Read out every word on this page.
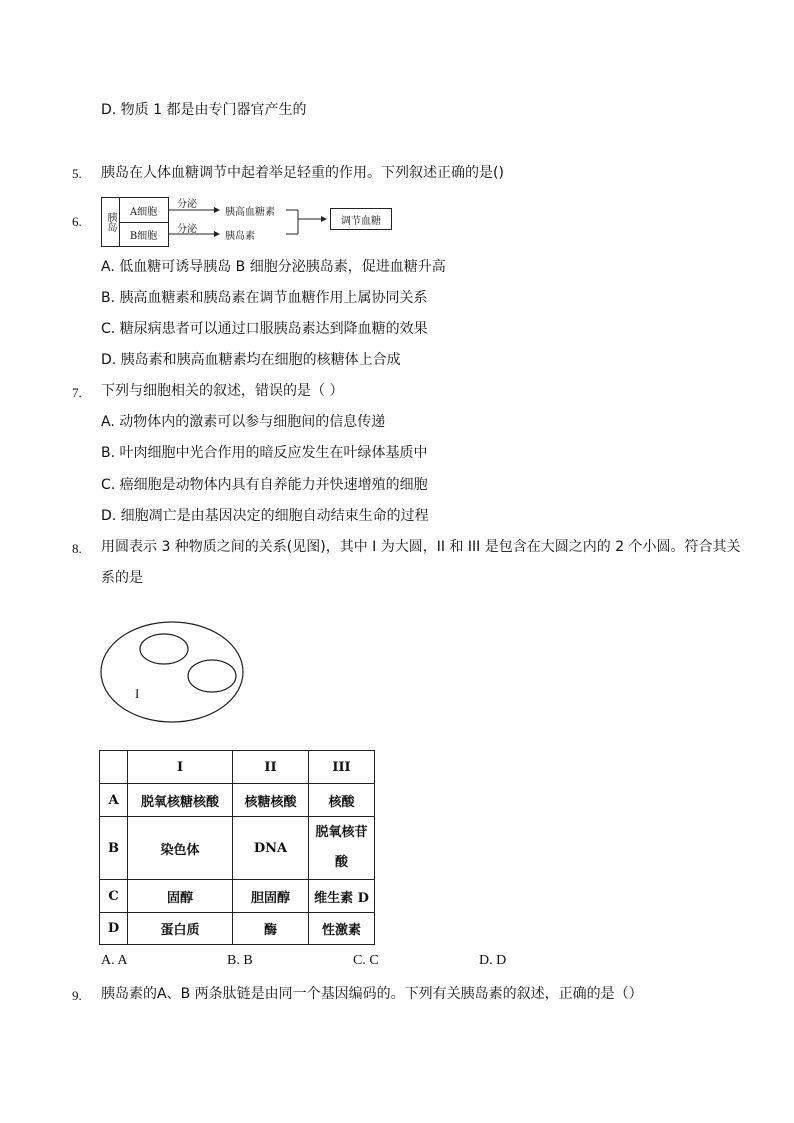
D. 物质 1 都是由专门器官产生的
5. 胰岛在人体血糖调节中起着举足轻重的作用。下列叙述正确的是()
6.	胰岛	A细胞
B细胞
分泌
分泌
胰高血糖素
胰岛素
调节血糖
A. 低血糖可诱导胰岛 B 细胞分泌胰岛素，促进血糖升高
B. 胰高血糖素和胰岛素在调节血糖作用上属协同关系
C. 糖尿病患者可以通过口服胰岛素达到降血糖的效果
D. 胰岛素和胰高血糖素均在细胞的核糖体上合成
7. 下列与细胞相关的叙述，错误的是（ ）
A. 动物体内的激素可以参与细胞间的信息传递
B. 叶肉细胞中光合作用的暗反应发生在叶绿体基质中
C. 癌细胞是动物体内具有自养能力并快速增殖的细胞
D. 细胞凋亡是由基因决定的细胞自动结束生命的过程
8. 用圆表示 3 种物质之间的关系(见图)，其中 I 为大圆，II 和 III 是包含在大圆之内的 2 个小圆。符合其关
系的是
I
	I	II	III
A	脱氧核糖核酸	核糖核酸	核酸
B	染色体	DNA	脱氧核苷
酸

C	固醇	胆固醇	维生素 D
D	蛋白质	酶	性激素
A. A	B. B	C. C	D. D
9. 胰岛素的A、B 两条肽链是由同一个基因编码的。下列有关胰岛素的叙述，正确的是（）
